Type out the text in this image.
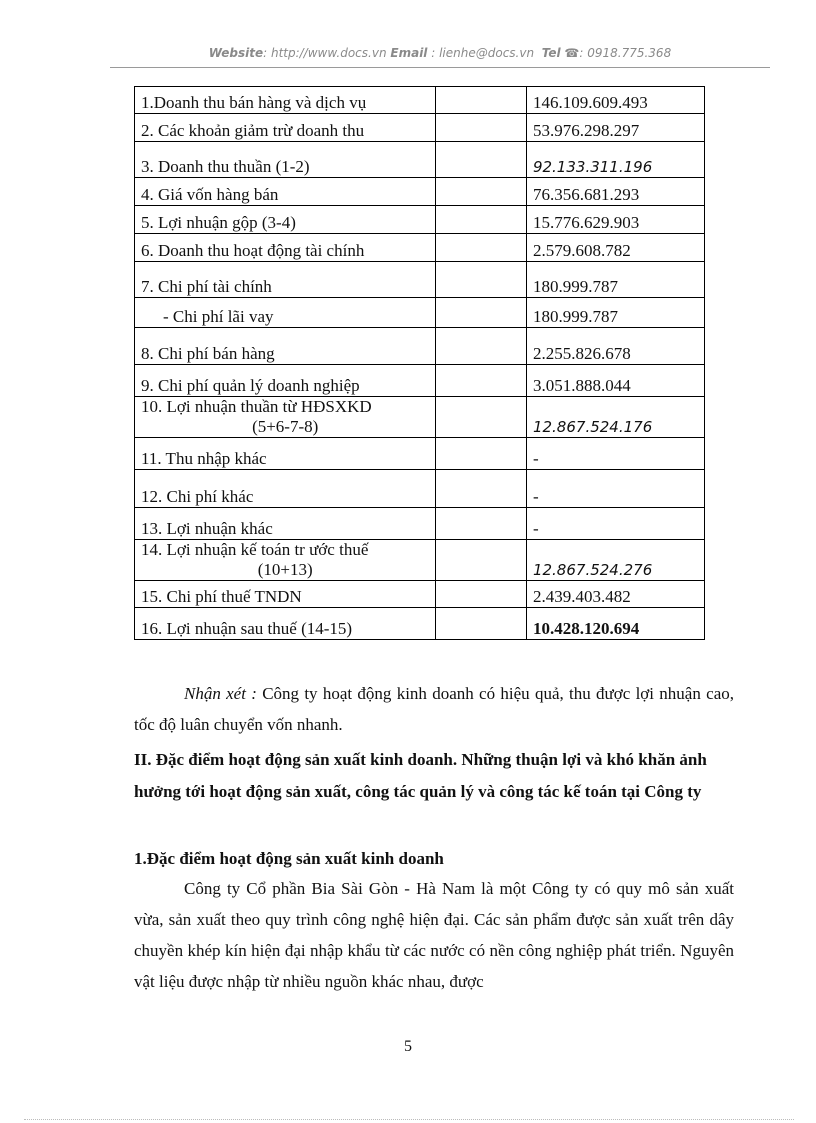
Website: http://www.docs.vn Email : lienhe@docs.vn Tel ☎: 0918.775.368
1.Doanh thu bán hàng và dịch vụ		146.109.609.493

2. Các khoản giảm trừ doanh thu		53.976.298.297

3. Doanh thu thuần (1-2)		92.133.311.196

4. Giá vốn hàng bán		76.356.681.293

5. Lợi nhuận gộp (3-4)		15.776.629.903

6. Doanh thu hoạt động tài chính		2.579.608.782

7. Chi phí tài chính		180.999.787

- Chi phí lãi vay		180.999.787

8. Chi phí bán hàng		2.255.826.678

9. Chi phí quản lý doanh nghiệp		3.051.888.044

10. Lợi nhuận thuần từ HĐSXKD
(5+6-7-8)		12.867.524.176

11. Thu nhập khác		-

12. Chi phí khác		-

13. Lợi nhuận khác		-

14. Lợi nhuận kế toán tr ước thuế
(10+13)		12.867.524.276

15. Chi phí thuế TNDN		2.439.403.482

16. Lợi nhuận sau thuế (14-15)		10.428.120.694
Nhận xét : Công ty hoạt động kinh doanh có hiệu quả, thu được lợi nhuận cao, tốc độ luân chuyển vốn nhanh.
II. Đặc điểm hoạt động sản xuất kinh doanh. Những thuận lợi và khó khăn ảnh hưởng tới hoạt động sản xuất, công tác quản lý và công tác kế toán tại Công ty
1.Đặc điểm hoạt động sản xuất kinh doanh
Công ty Cổ phần Bia Sài Gòn - Hà Nam là một Công ty có quy mô sản xuất vừa, sản xuất theo quy trình công nghệ hiện đại. Các sản phẩm được sản xuất trên dây chuyền khép kín hiện đại nhập khẩu từ các nước có nền công nghiệp phát triển. Nguyên vật liệu được nhập từ nhiều nguồn khác nhau, được
5
